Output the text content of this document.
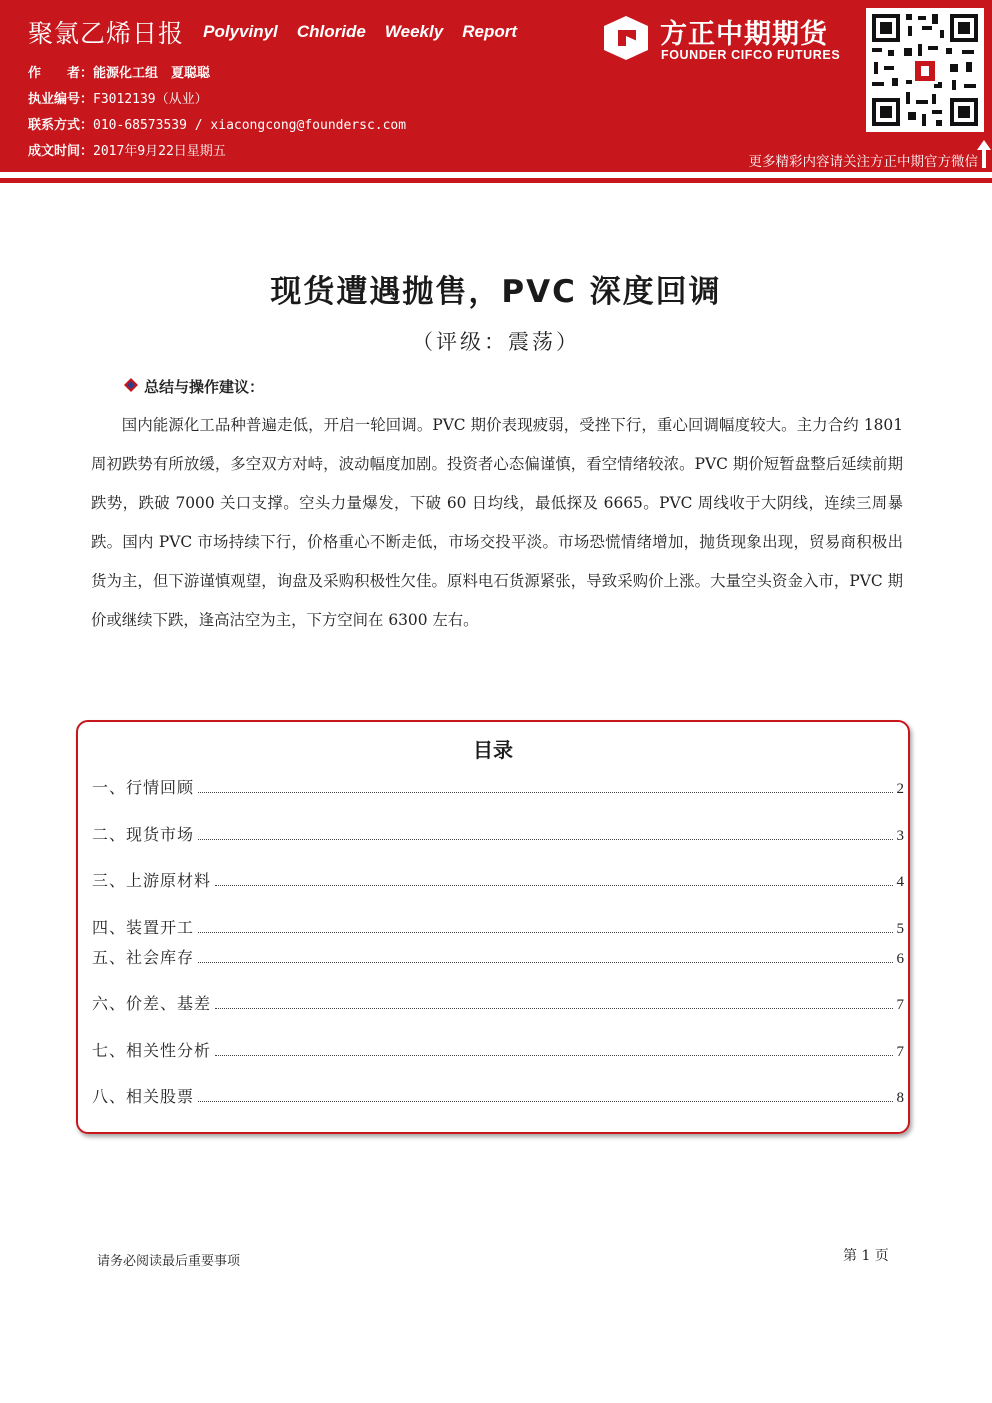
聚氯乙烯日报 Polyvinyl Chloride Weekly Report
作　　者：能源化工组　夏聪聪
执业编号：F3012139（从业）
联系方式：010-68573539 / xiacongcong@foundersc.com
成文时间：2017年9月22日星期五
方正中期期货
FOUNDER CIFCO FUTURES
更多精彩内容请关注方正中期官方微信
现货遭遇抛售，PVC 深度回调
（评级：震荡）
总结与操作建议：

国内能源化工品种普遍走低，开启一轮回调。PVC 期价表现疲弱，受挫下行，重心回调幅度较大。主力合约 1801 周初跌势有所放缓，多空双方对峙，波动幅度加剧。投资者心态偏谨慎，看空情绪较浓。PVC 期价短暂盘整后延续前期跌势，跌破 7000 关口支撑。空头力量爆发，下破 60 日均线，最低探及 6665。PVC 周线收于大阴线，连续三周暴跌。国内 PVC 市场持续下行，价格重心不断走低，市场交投平淡。市场恐慌情绪增加，抛货现象出现，贸易商积极出货为主，但下游谨慎观望，询盘及采购积极性欠佳。原料电石货源紧张，导致采购价上涨。大量空头资金入市，PVC 期价或继续下跌，逢高沽空为主，下方空间在 6300 左右。

目录
一、行情回顾	2
二、现货市场	3
三、上游原材料	4
四、装置开工	5
五、社会库存	6
六、价差、基差	7
七、相关性分析	7
八、相关股票	8
请务必阅读最后重要事项	第 1 页
